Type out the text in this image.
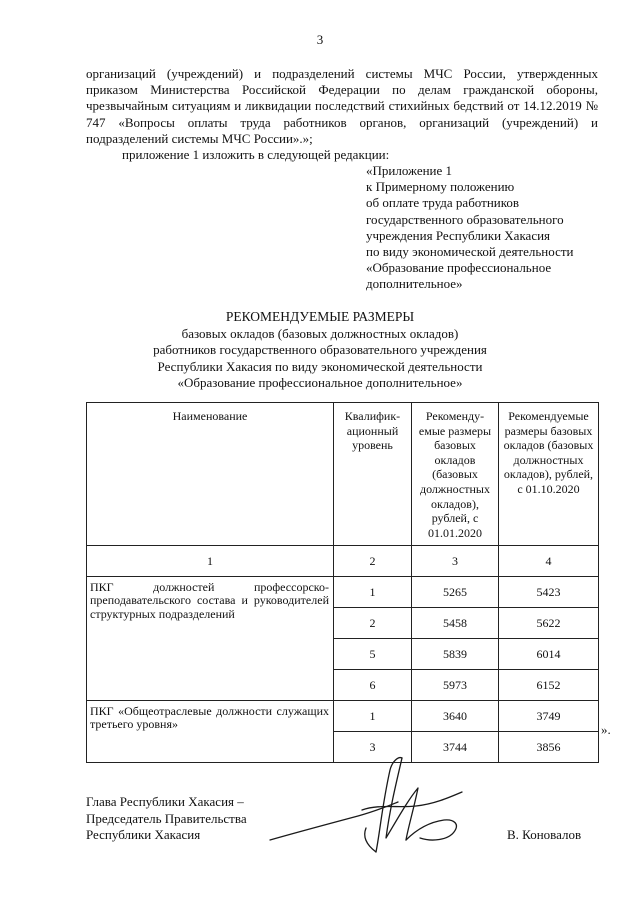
3

организаций (учреждений) и подразделений системы МЧС России, утвержденных приказом Министерства Российской Федерации по делам гражданской обороны, чрезвычайным ситуациям и ликвидации последствий стихийных бедствий от 14.12.2019 № 747 «Вопросы оплаты труда работников органов, организаций (учреждений) и подразделений системы МЧС России».»;

приложение 1 изложить в следующей редакции:

«Приложение 1
к Примерному положению
об оплате труда работников
государственного образовательного
учреждения Республики Хакасия
по виду экономической деятельности
«Образование профессиональное
дополнительное»
РЕКОМЕНДУЕМЫЕ РАЗМЕРЫ
базовых окладов (базовых должностных окладов)
работников государственного образовательного учреждения
Республики Хакасия по виду экономической деятельности
«Образование профессиональное дополнительное»
Наименование	Квалифик-ационный уровень	Рекоменду-емые размеры базовых окладов (базовых должностных окладов), рублей, с 01.01.2020	Рекомендуемые размеры базовых окладов (базовых должностных окладов), рублей, с 01.10.2020
1	2	3	4
ПКГ должностей профессорско-преподавательского состава и руководителей структурных подразделений	1	5265	5423
	2	5458	5622
	5	5839	6014
	6	5973	6152
ПКГ «Общеотраслевые должности служащих третьего уровня»	1	3640	3749
	3	3744	3856
».
Глава Республики Хакасия –
Председатель Правительства
Республики Хакасия	В. Коновалов
